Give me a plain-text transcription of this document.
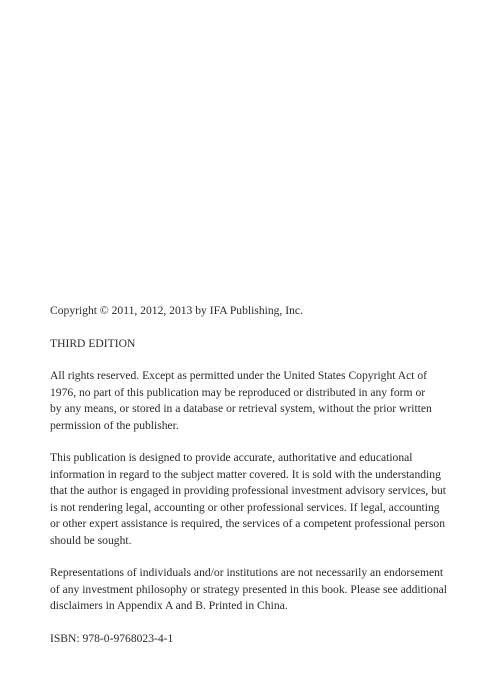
Copyright © 2011, 2012, 2013 by IFA Publishing, Inc.

THIRD EDITION

All rights reserved. Except as permitted under the United States Copyright Act of

1976, no part of this publication may be reproduced or distributed in any form or

by any means, or stored in a database or retrieval system, without the prior written

permission of the publisher.

This publication is designed to provide accurate, authoritative and educational

information in regard to the subject matter covered. It is sold with the understanding

that the author is engaged in providing professional investment advisory services, but

is not rendering legal, accounting or other professional services. If legal, accounting

or other expert assistance is required, the services of a competent professional person

should be sought.

Representations of individuals and/or institutions are not necessarily an endorsement

of any investment philosophy or strategy presented in this book. Please see additional

disclaimers in Appendix A and B. Printed in China.

ISBN: 978-0-9768023-4-1
